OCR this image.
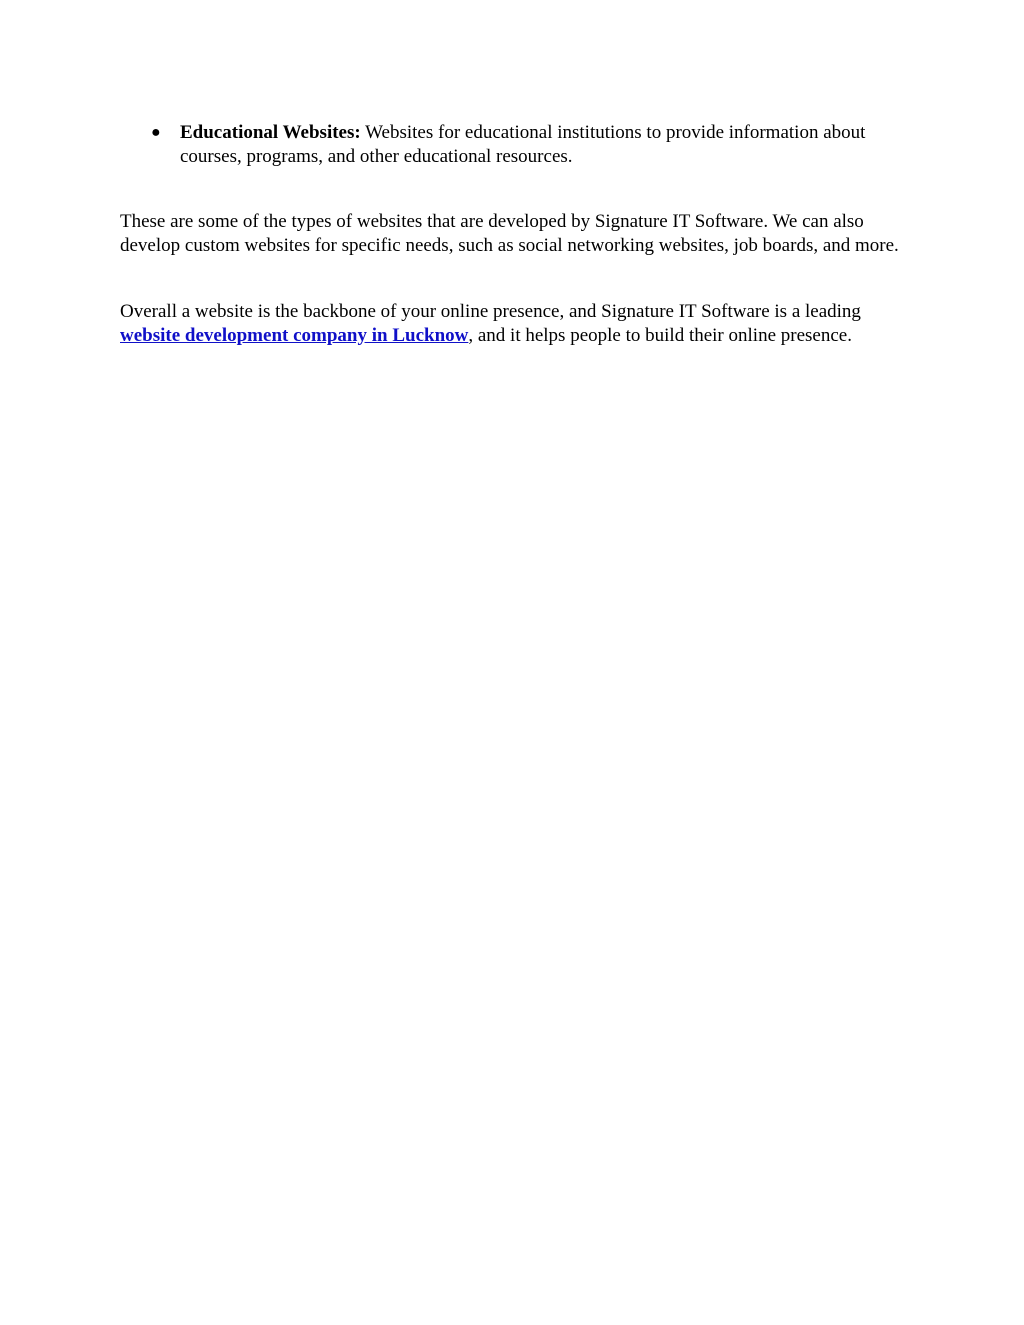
● Educational Websites: Websites for educational institutions to provide information about courses, programs, and other educational resources.

These are some of the types of websites that are developed by Signature IT Software. We can also develop custom websites for specific needs, such as social networking websites, job boards, and more.

Overall a website is the backbone of your online presence, and Signature IT Software is a leading website development company in Lucknow, and it helps people to build their online presence.
